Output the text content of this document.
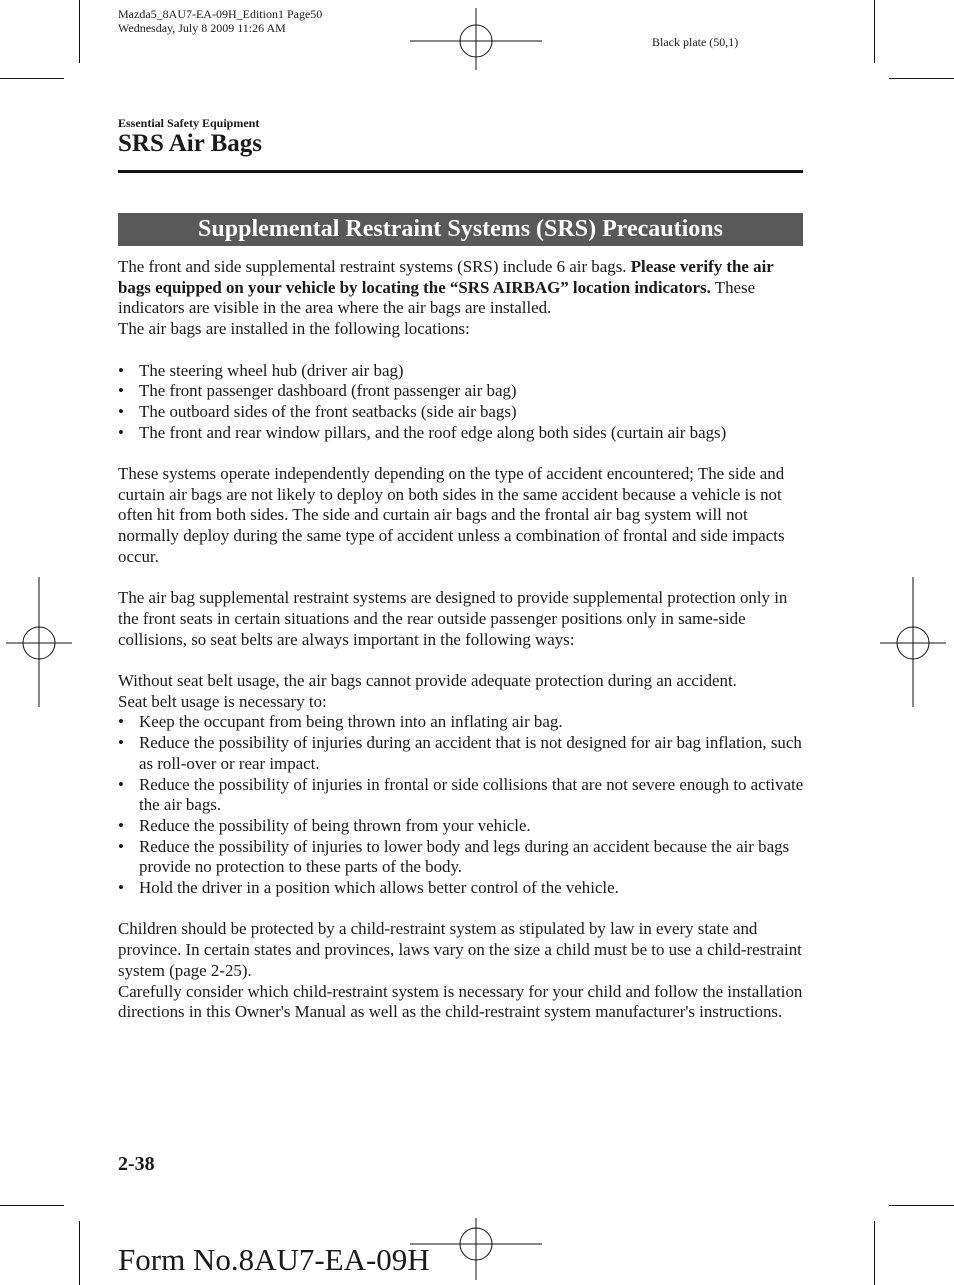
Mazda5_8AU7-EA-09H_Edition1 Page50
Wednesday, July 8 2009 11:26 AM
Black plate (50,1)
Essential Safety Equipment
SRS Air Bags
Supplemental Restraint Systems (SRS) Precautions

The front and side supplemental restraint systems (SRS) include 6 air bags. Please verify the air bags equipped on your vehicle by locating the “SRS AIRBAG” location indicators. These indicators are visible in the area where the air bags are installed.

The air bags are installed in the following locations:

• The steering wheel hub (driver air bag)
• The front passenger dashboard (front passenger air bag)
• The outboard sides of the front seatbacks (side air bags)
• The front and rear window pillars, and the roof edge along both sides (curtain air bags)

These systems operate independently depending on the type of accident encountered; The side and curtain air bags are not likely to deploy on both sides in the same accident because a vehicle is not often hit from both sides. The side and curtain air bags and the frontal air bag system will not normally deploy during the same type of accident unless a combination of frontal and side impacts occur.

The air bag supplemental restraint systems are designed to provide supplemental protection only in the front seats in certain situations and the rear outside passenger positions only in same-side collisions, so seat belts are always important in the following ways:

Without seat belt usage, the air bags cannot provide adequate protection during an accident.

Seat belt usage is necessary to:

• Keep the occupant from being thrown into an inflating air bag.
• Reduce the possibility of injuries during an accident that is not designed for air bag inflation, such as roll-over or rear impact.
• Reduce the possibility of injuries in frontal or side collisions that are not severe enough to activate the air bags.
• Reduce the possibility of being thrown from your vehicle.
• Reduce the possibility of injuries to lower body and legs during an accident because the air bags provide no protection to these parts of the body.
• Hold the driver in a position which allows better control of the vehicle.

Children should be protected by a child-restraint system as stipulated by law in every state and province. In certain states and provinces, laws vary on the size a child must be to use a child-restraint system (page 2-25).

Carefully consider which child-restraint system is necessary for your child and follow the installation directions in this Owner's Manual as well as the child-restraint system manufacturer's instructions.

2-38
Form No.8AU7-EA-09H
